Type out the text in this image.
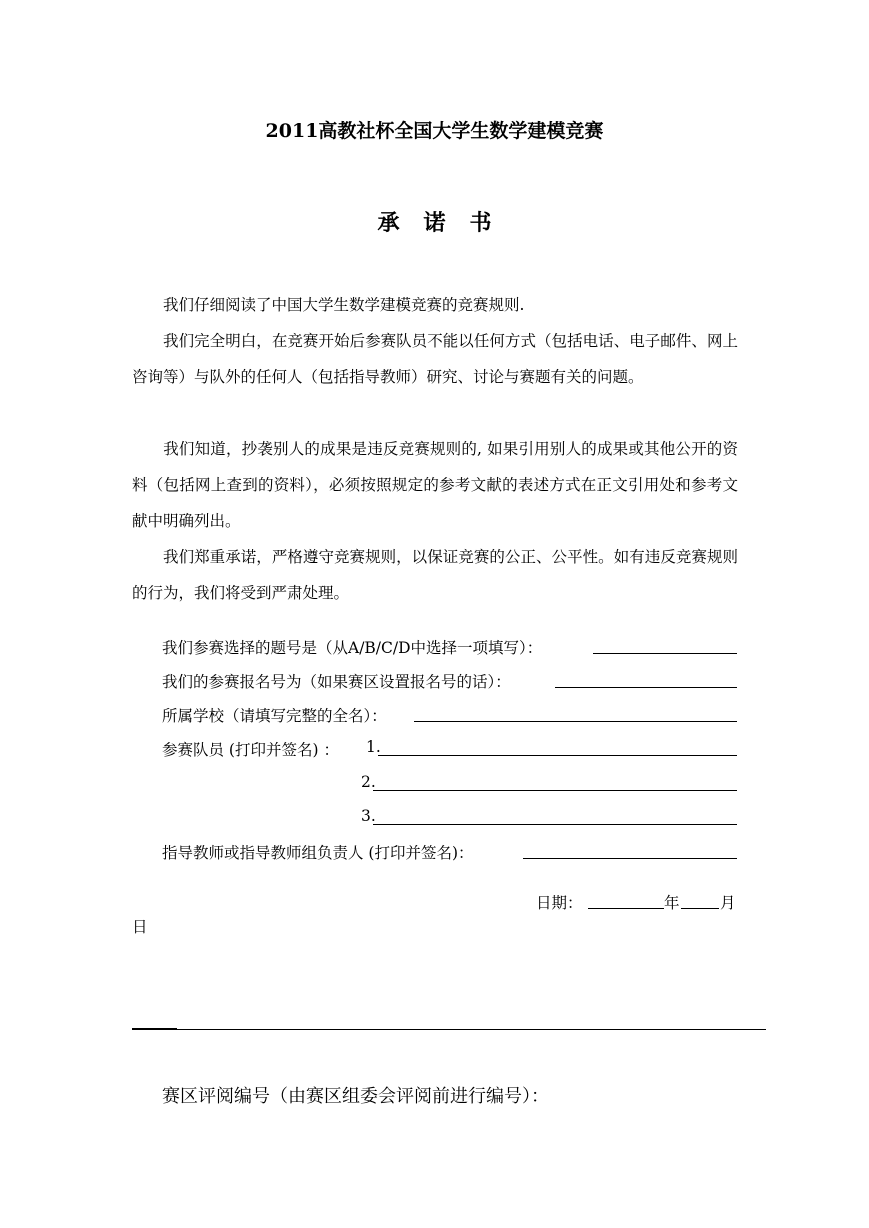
2011高教社杯全国大学生数学建模竞赛
承 诺 书
我们仔细阅读了中国大学生数学建模竞赛的竞赛规则.
我们完全明白，在竞赛开始后参赛队员不能以任何方式（包括电话、电子邮件、网上咨询等）与队外的任何人（包括指导教师）研究、讨论与赛题有关的问题。
我们知道，抄袭别人的成果是违反竞赛规则的, 如果引用别人的成果或其他公开的资料（包括网上查到的资料），必须按照规定的参考文献的表述方式在正文引用处和参考文献中明确列出。
我们郑重承诺，严格遵守竞赛规则，以保证竞赛的公正、公平性。如有违反竞赛规则的行为，我们将受到严肃处理。
我们参赛选择的题号是（从A/B/C/D中选择一项填写）：
我们的参赛报名号为（如果赛区设置报名号的话）：
所属学校（请填写完整的全名）：
参赛队员 (打印并签名) ： 1.
2.
3.
指导教师或指导教师组负责人 (打印并签名)：
日期：	年	月
日
赛区评阅编号（由赛区组委会评阅前进行编号）：
